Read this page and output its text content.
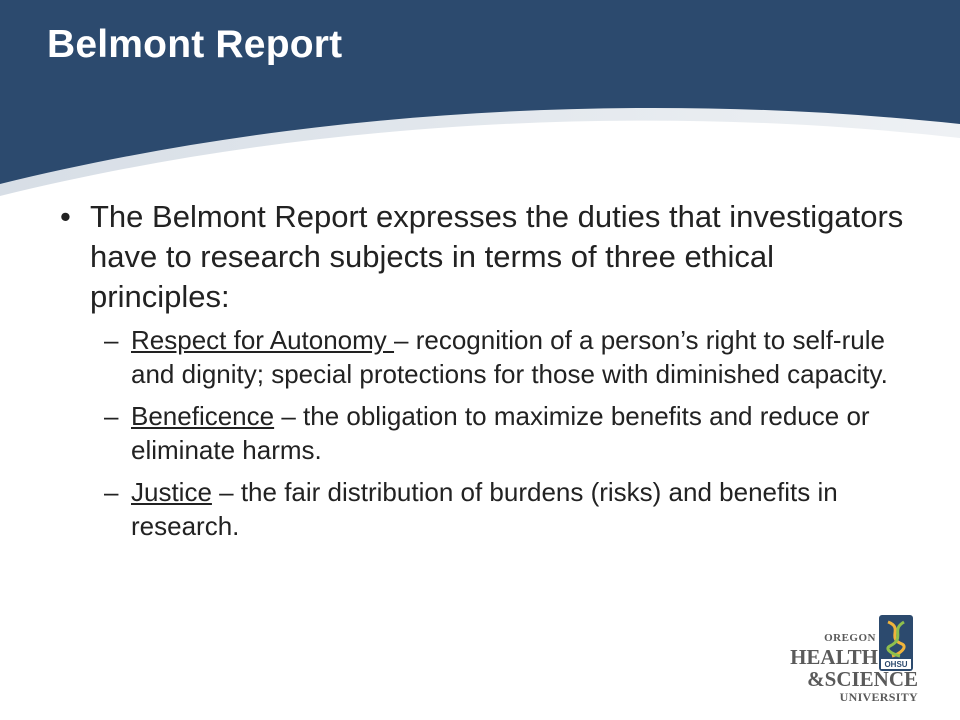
Belmont Report
• The Belmont Report expresses the duties that investigators have to research subjects in terms of three ethical principles:
– Respect for Autonomy – recognition of a person’s right to self-rule and dignity; special protections for those with diminished capacity.
– Beneficence – the obligation to maximize benefits and reduce or eliminate harms.
– Justice – the fair distribution of burdens (risks) and benefits in research.
OHSU
OREGON
HEALTH
&SCIENCE
UNIVERSITY
